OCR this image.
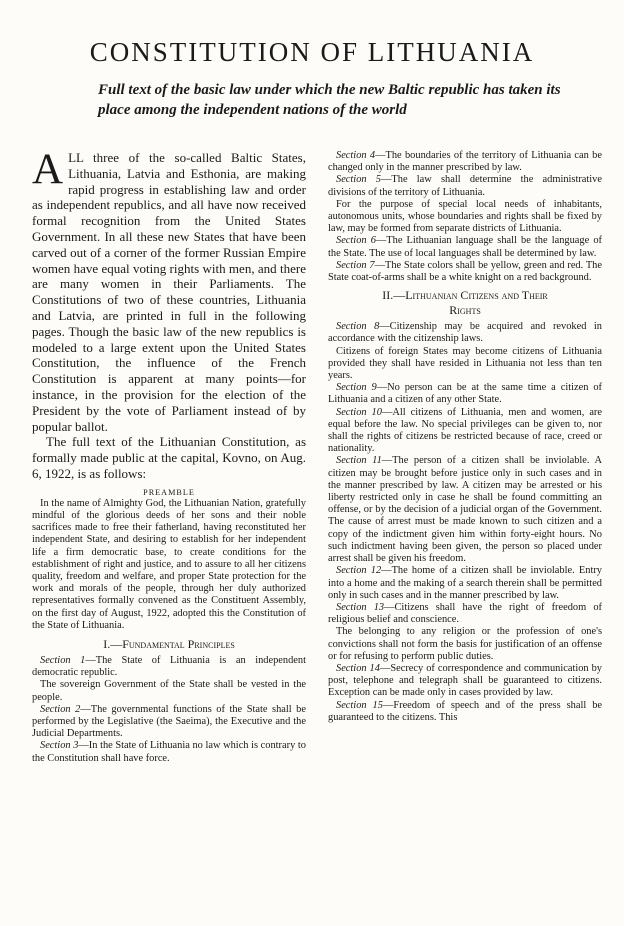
CONSTITUTION OF LITHUANIA
Full text of the basic law under which the new Baltic republic has taken its place among the independent nations of the world

ALL three of the so-called Baltic States, Lithuania, Latvia and Esthonia, are making rapid progress in establishing law and order as independent republics, and all have now received formal recognition from the United States Government. In all these new States that have been carved out of a corner of the former Russian Empire women have equal voting rights with men, and there are many women in their Parliaments. The Constitutions of two of these countries, Lithuania and Latvia, are printed in full in the following pages. Though the basic law of the new republics is modeled to a large extent upon the United States Constitution, the influence of the French Constitution is apparent at many points—for instance, in the provision for the election of the President by the vote of Parliament instead of by popular ballot.

The full text of the Lithuanian Constitution, as formally made public at the capital, Kovno, on Aug. 6, 1922, is as follows:

PREAMBLE

In the name of Almighty God, the Lithuanian Nation, gratefully mindful of the glorious deeds of her sons and their noble sacrifices made to free their fatherland, having reconstituted her independent State, and desiring to establish for her independent life a firm democratic base, to create conditions for the establishment of right and justice, and to assure to all her citizens quality, freedom and welfare, and proper State protection for the work and morals of the people, through her duly authorized representatives formally convened as the Constituent Assembly, on the first day of August, 1922, adopted this the Constitution of the State of Lithuania.

I.—Fundamental Principles

Section 1—The State of Lithuania is an independent democratic republic.

The sovereign Government of the State shall be vested in the people.

Section 2—The governmental functions of the State shall be performed by the Legislative (the Saeima), the Executive and the Judicial Departments.

Section 3—In the State of Lithuania no law which is contrary to the Constitution shall have force.

Section 4—The boundaries of the territory of Lithuania can be changed only in the manner prescribed by law.

Section 5—The law shall determine the administrative divisions of the territory of Lithuania.

For the purpose of special local needs of inhabitants, autonomous units, whose boundaries and rights shall be fixed by law, may be formed from separate districts of Lithuania.

Section 6—The Lithuanian language shall be the language of the State. The use of local languages shall be determined by law.

Section 7—The State colors shall be yellow, green and red. The State coat-of-arms shall be a white knight on a red background.

II.—Lithuanian Citizens and Their
Rights

Section 8—Citizenship may be acquired and revoked in accordance with the citizenship laws.

Citizens of foreign States may become citizens of Lithuania provided they shall have resided in Lithuania not less than ten years.

Section 9—No person can be at the same time a citizen of Lithuania and a citizen of any other State.

Section 10—All citizens of Lithuania, men and women, are equal before the law. No special privileges can be given to, nor shall the rights of citizens be restricted because of race, creed or nationality.

Section 11—The person of a citizen shall be inviolable. A citizen may be brought before justice only in such cases and in the manner prescribed by law. A citizen may be arrested or his liberty restricted only in case he shall be found committing an offense, or by the decision of a judicial organ of the Government. The cause of arrest must be made known to such citizen and a copy of the indictment given him within forty-eight hours. No such indictment having been given, the person so placed under arrest shall be given his freedom.

Section 12—The home of a citizen shall be inviolable. Entry into a home and the making of a search therein shall be permitted only in such cases and in the manner prescribed by law.

Section 13—Citizens shall have the right of freedom of religious belief and conscience.

The belonging to any religion or the profession of one's convictions shall not form the basis for justification of an offense or for refusing to perform public duties.

Section 14—Secrecy of correspondence and communication by post, telephone and telegraph shall be guaranteed to citizens. Exception can be made only in cases provided by law.

Section 15—Freedom of speech and of the press shall be guaranteed to the citizens. This
